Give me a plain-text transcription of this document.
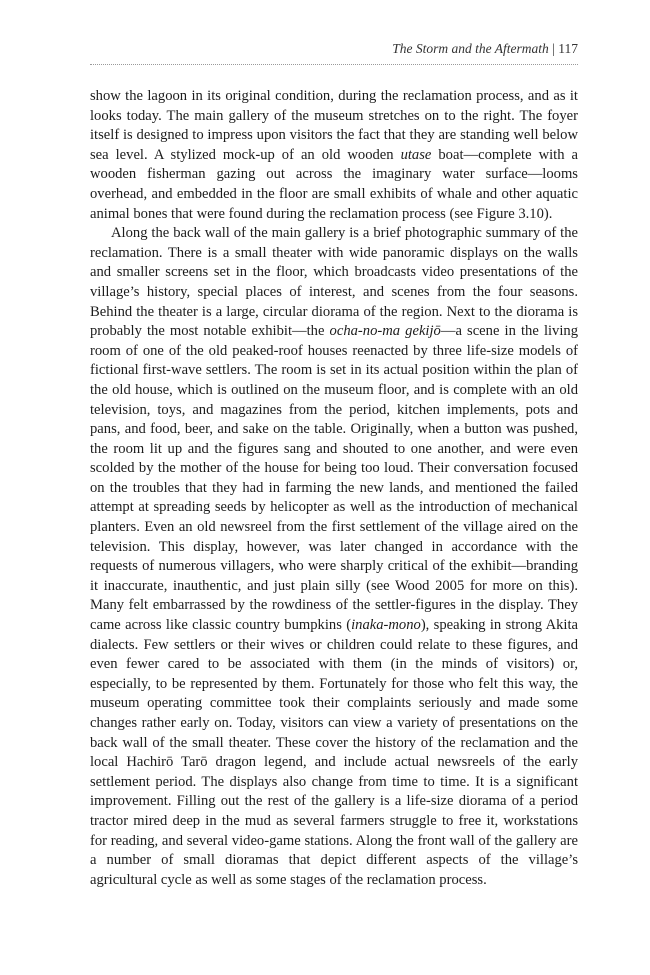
The Storm and the Aftermath | 117

show the lagoon in its original condition, during the reclamation process, and as it looks today. The main gallery of the museum stretches on to the right. The foyer itself is designed to impress upon visitors the fact that they are standing well below sea level. A stylized mock-up of an old wooden utase boat—complete with a wooden fisherman gazing out across the imaginary water surface—looms overhead, and embedded in the floor are small exhibits of whale and other aquatic animal bones that were found during the reclamation process (see Figure 3.10).

Along the back wall of the main gallery is a brief photographic summary of the reclamation. There is a small theater with wide panoramic displays on the walls and smaller screens set in the floor, which broadcasts video presentations of the village’s history, special places of interest, and scenes from the four seasons. Behind the theater is a large, circular diorama of the region. Next to the diorama is probably the most notable exhibit—the ocha-no-ma gekijō—a scene in the living room of one of the old peaked-roof houses reenacted by three life-size models of fictional first-wave settlers. The room is set in its actual position within the plan of the old house, which is outlined on the museum floor, and is complete with an old television, toys, and magazines from the period, kitchen implements, pots and pans, and food, beer, and sake on the table. Originally, when a button was pushed, the room lit up and the figures sang and shouted to one another, and were even scolded by the mother of the house for being too loud. Their conversation focused on the troubles that they had in farming the new lands, and mentioned the failed attempt at spreading seeds by helicopter as well as the introduction of mechanical planters. Even an old newsreel from the first settlement of the village aired on the television. This display, however, was later changed in accordance with the requests of numerous villagers, who were sharply critical of the exhibit—branding it inaccurate, inauthentic, and just plain silly (see Wood 2005 for more on this). Many felt embarrassed by the rowdiness of the settler-figures in the display. They came across like classic country bumpkins (inaka-mono), speaking in strong Akita dialects. Few settlers or their wives or children could relate to these figures, and even fewer cared to be associated with them (in the minds of visitors) or, especially, to be represented by them. Fortunately for those who felt this way, the museum operating committee took their complaints seriously and made some changes rather early on. Today, visitors can view a variety of presentations on the back wall of the small theater. These cover the history of the reclamation and the local Hachirō Tarō dragon legend, and include actual newsreels of the early settlement period. The displays also change from time to time. It is a significant improvement. Filling out the rest of the gallery is a life-size diorama of a period tractor mired deep in the mud as several farmers struggle to free it, workstations for reading, and several video-game stations. Along the front wall of the gallery are a number of small dioramas that depict different aspects of the village’s agricultural cycle as well as some stages of the reclamation process.
